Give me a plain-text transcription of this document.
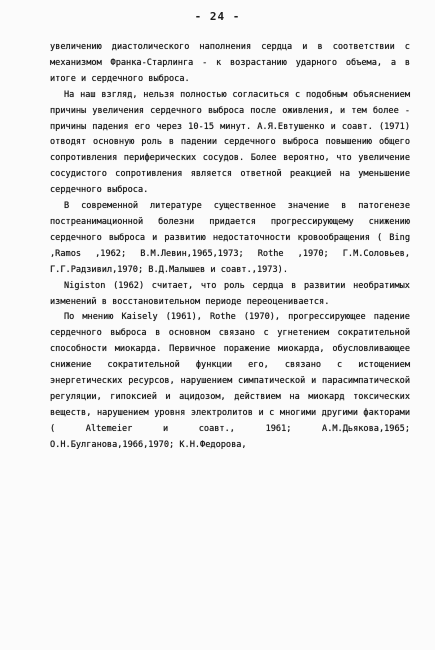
- 24 -

увеличению диастолического наполнения сердца и в соответствии с механизмом Франка-Старлинга - к возрастанию ударного объема, а в итоге и сердечного выброса.

На наш взгляд, нельзя полностью согласиться с подобным объяснением причины увеличения сердечного выброса после оживления, и тем более - причины падения его через 10-15 минут. А.Я.Евтушенко и соавт. (1971) отводят основную роль в падении сердечного выброса повышению общего сопротивления периферических сосудов. Более вероятно, что увеличение сосудистого сопротивления является ответной реакцией на уменьшение сердечного выброса.

В современной литературе существенное значение в патогенезе постреанимационной болезни придается прогрессирующему снижению сердечного выброса и развитию недостаточности кровообращения ( Bing ,Ramos ,1962; В.М.Левин,1965,1973; Rothe ,1970; Г.М.Соловьев, Г.Г.Радзивил,1970; В.Д.Малышев и соавт.,1973).

Nigiston (1962) считает, что роль сердца в развитии необратимых изменений в восстановительном периоде переоценивается.

По мнению Kaisely (1961), Rothe (1970), прогрессирующее падение сердечного выброса в основном связано с угнетением сократительной способности миокарда. Первичное поражение миокарда, обусловливающее снижение сократительной функции его, связано с истощением энергетических ресурсов, нарушением симпатической и парасимпатической регуляции, гипоксией и ацидозом, действием на миокард токсических веществ, нарушением уровня электролитов и с многими другими факторами ( Altemeier и соавт., 1961; А.М.Дьякова,1965; О.Н.Булганова,1966,1970; К.Н.Федорова,
